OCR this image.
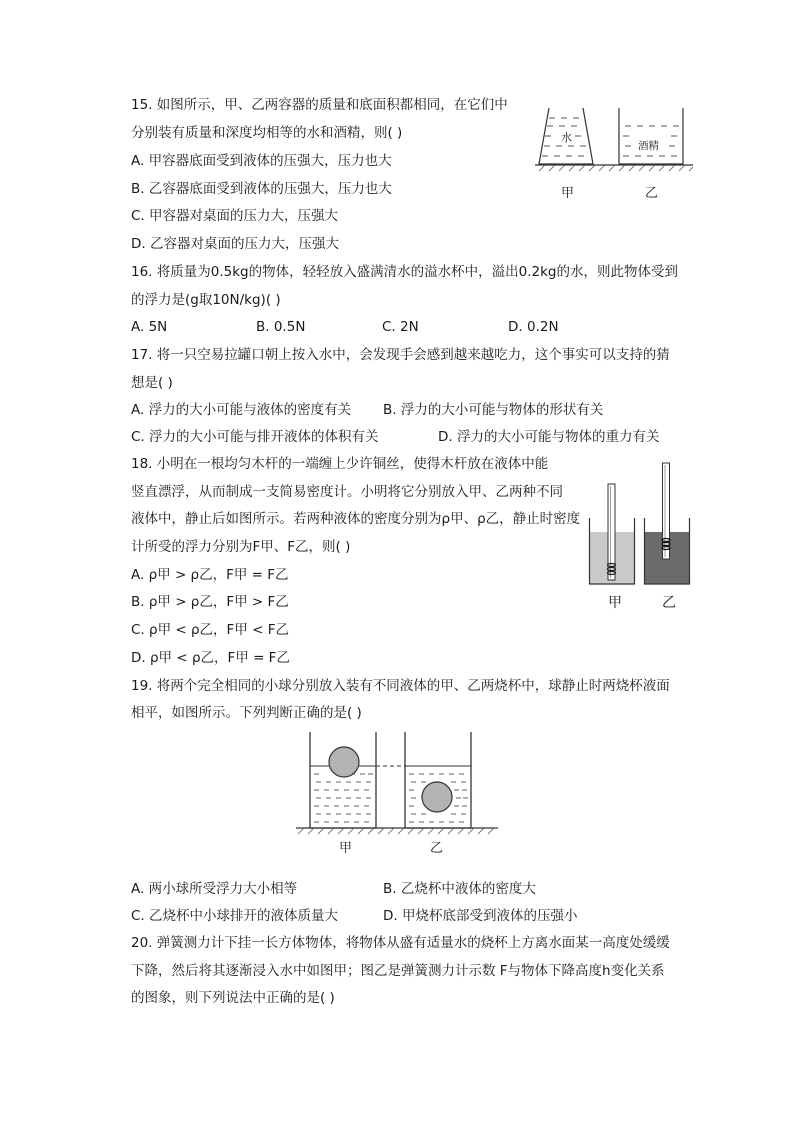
15. 如图所示，甲、乙两容器的质量和底面积都相同，在它们中
分别装有质量和深度均相等的水和酒精，则( )
A. 甲容器底面受到液体的压强大，压力也大
B. 乙容器底面受到液体的压强大，压力也大
C. 甲容器对桌面的压力大，压强大
D. 乙容器对桌面的压力大，压强大
水
酒精
甲	乙
16. 将质量为0.5kg的物体，轻轻放入盛满清水的溢水杯中，溢出0.2kg的水，则此物体受到
的浮力是(g取10N/kg)( )
A. 5N	B. 0.5N	C. 2N	D. 0.2N
17. 将一只空易拉罐口朝上按入水中，会发现手会感到越来越吃力，这个事实可以支持的猜
想是( )
A. 浮力的大小可能与液体的密度有关 B. 浮力的大小可能与物体的形状有关
C. 浮力的大小可能与排开液体的体积有关	D. 浮力的大小可能与物体的重力有关
18. 小明在一根均匀木杆的一端缠上少许铜丝，使得木杆放在液体中能
竖直漂浮，从而制成一支简易密度计。小明将它分别放入甲、乙两种不同
液体中，静止后如图所示。若两种液体的密度分别为ρ甲、ρ乙，静止时密度
计所受的浮力分别为F甲、F乙，则( )
A. ρ甲 > ρ乙，F甲 = F乙
B. ρ甲 > ρ乙，F甲 > F乙
C. ρ甲 < ρ乙，F甲 < F乙
D. ρ甲 < ρ乙，F甲 = F乙
甲	乙
19. 将两个完全相同的小球分别放入装有不同液体的甲、乙两烧杯中，球静止时两烧杯液面
相平，如图所示。下列判断正确的是( )
甲	乙
A. 两小球所受浮力大小相等	B. 乙烧杯中液体的密度大
C. 乙烧杯中小球排开的液体质量大	D. 甲烧杯底部受到液体的压强小
20. 弹簧测力计下挂一长方体物体，将物体从盛有适量水的烧杯上方离水面某一高度处缓缓
下降，然后将其逐渐浸入水中如图甲；图乙是弹簧测力计示数 F与物体下降高度h变化关系
的图象，则下列说法中正确的是( )
